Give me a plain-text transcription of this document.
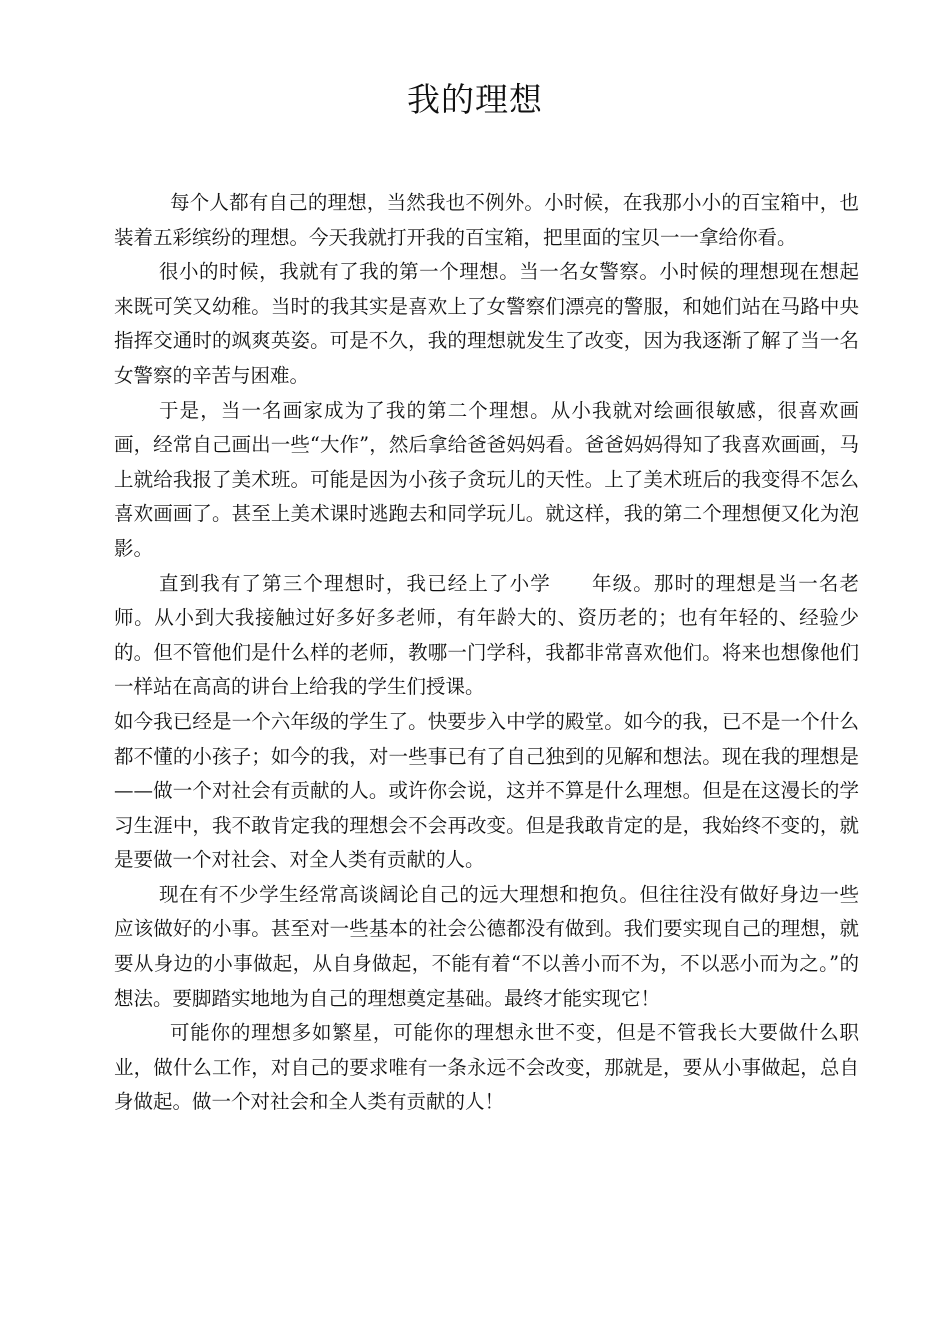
我的理想

每个人都有自己的理想，当然我也不例外。小时候，在我那小小的百宝箱中，也装着五彩缤纷的理想。今天我就打开我的百宝箱，把里面的宝贝一一拿给你看。

很小的时候，我就有了我的第一个理想。当一名女警察。小时候的理想现在想起来既可笑又幼稚。当时的我其实是喜欢上了女警察们漂亮的警服，和她们站在马路中央指挥交通时的飒爽英姿。可是不久，我的理想就发生了改变，因为我逐渐了解了当一名女警察的辛苦与困难。

于是，当一名画家成为了我的第二个理想。从小我就对绘画很敏感，很喜欢画画，经常自己画出一些“大作”，然后拿给爸爸妈妈看。爸爸妈妈得知了我喜欢画画，马上就给我报了美术班。可能是因为小孩子贪玩儿的天性。上了美术班后的我变得不怎么喜欢画画了。甚至上美术课时逃跑去和同学玩儿。就这样，我的第二个理想便又化为泡影。

直到我有了第三个理想时，我已经上了小学 年级。那时的理想是当一名老师。从小到大我接触过好多好多老师，有年龄大的、资历老的；也有年轻的、经验少的。但不管他们是什么样的老师，教哪一门学科，我都非常喜欢他们。将来也想像他们一样站在高高的讲台上给我的学生们授课。

如今我已经是一个六年级的学生了。快要步入中学的殿堂。如今的我，已不是一个什么都不懂的小孩子；如今的我，对一些事已有了自己独到的见解和想法。现在我的理想是——做一个对社会有贡献的人。或许你会说，这并不算是什么理想。但是在这漫长的学习生涯中，我不敢肯定我的理想会不会再改变。但是我敢肯定的是，我始终不变的，就是要做一个对社会、对全人类有贡献的人。

现在有不少学生经常高谈阔论自己的远大理想和抱负。但往往没有做好身边一些应该做好的小事。甚至对一些基本的社会公德都没有做到。我们要实现自己的理想，就要从身边的小事做起，从自身做起，不能有着“不以善小而不为，不以恶小而为之。”的想法。要脚踏实地地为自己的理想奠定基础。最终才能实现它！

可能你的理想多如繁星，可能你的理想永世不变，但是不管我长大要做什么职业，做什么工作，对自己的要求唯有一条永远不会改变，那就是，要从小事做起，总自身做起。做一个对社会和全人类有贡献的人！
